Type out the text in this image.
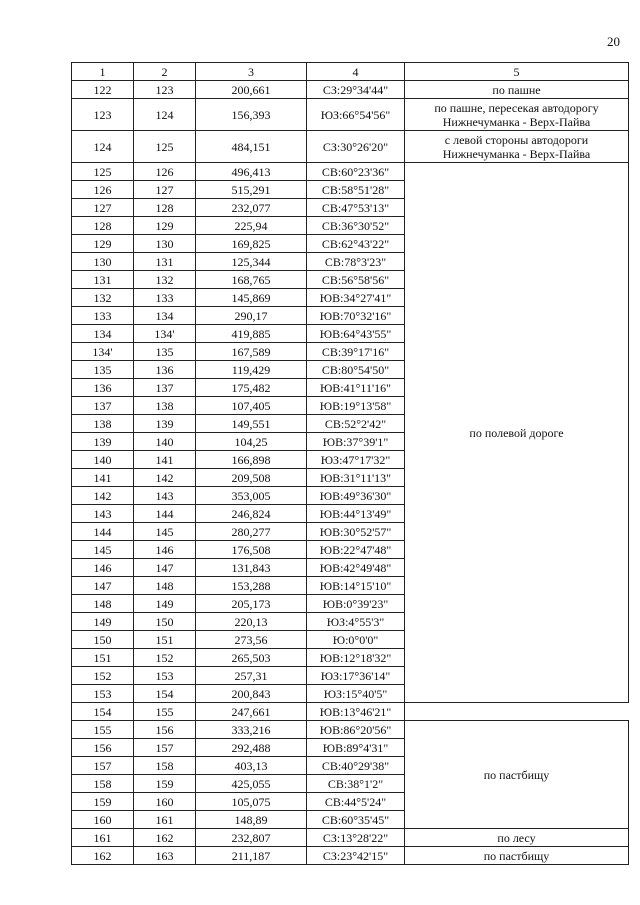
20
1	2	3	4	5
122	123	200,661	СЗ:29°34'44"	по пашне
123	124	156,393	ЮЗ:66°54'56"	по пашне, пересекая автодорогу Нижнечуманка - Верх-Пайва
124	125	484,151	СЗ:30°26'20"	с левой стороны автодороги Нижнечуманка - Верх-Пайва
125	126	496,413	СВ:60°23'36"	по полевой дороге
126	127	515,291	СВ:58°51'28"	
127	128	232,077	СВ:47°53'13"	
128	129	225,94	СВ:36°30'52"	
129	130	169,825	СВ:62°43'22"	
130	131	125,344	СВ:78°3'23"	
131	132	168,765	СВ:56°58'56"	
132	133	145,869	ЮВ:34°27'41"	
133	134	290,17	ЮВ:70°32'16"	
134	134'	419,885	ЮВ:64°43'55"	
134'	135	167,589	СВ:39°17'16"	
135	136	119,429	СВ:80°54'50"	
136	137	175,482	ЮВ:41°11'16"	
137	138	107,405	ЮВ:19°13'58"	
138	139	149,551	СВ:52°2'42"	
139	140	104,25	ЮВ:37°39'1"	
140	141	166,898	ЮЗ:47°17'32"	
141	142	209,508	ЮВ:31°11'13"	
142	143	353,005	ЮВ:49°36'30"	
143	144	246,824	ЮВ:44°13'49"	
144	145	280,277	ЮВ:30°52'57"	
145	146	176,508	ЮВ:22°47'48"	
146	147	131,843	ЮВ:42°49'48"	
147	148	153,288	ЮВ:14°15'10"	
148	149	205,173	ЮВ:0°39'23"	
149	150	220,13	ЮЗ:4°55'3"	
150	151	273,56	Ю:0°0'0"	
151	152	265,503	ЮВ:12°18'32"	
152	153	257,31	ЮЗ:17°36'14"	
153	154	200,843	ЮЗ:15°40'5"	
154	155	247,661	ЮВ:13°46'21"	
155	156	333,216	ЮВ:86°20'56"	по пастбищу
156	157	292,488	ЮВ:89°4'31"	
157	158	403,13	СВ:40°29'38"	
158	159	425,055	СВ:38°1'2"	
159	160	105,075	СВ:44°5'24"	
160	161	148,89	СВ:60°35'45"	
161	162	232,807	СЗ:13°28'22"	по лесу
162	163	211,187	СЗ:23°42'15"	по пастбищу
